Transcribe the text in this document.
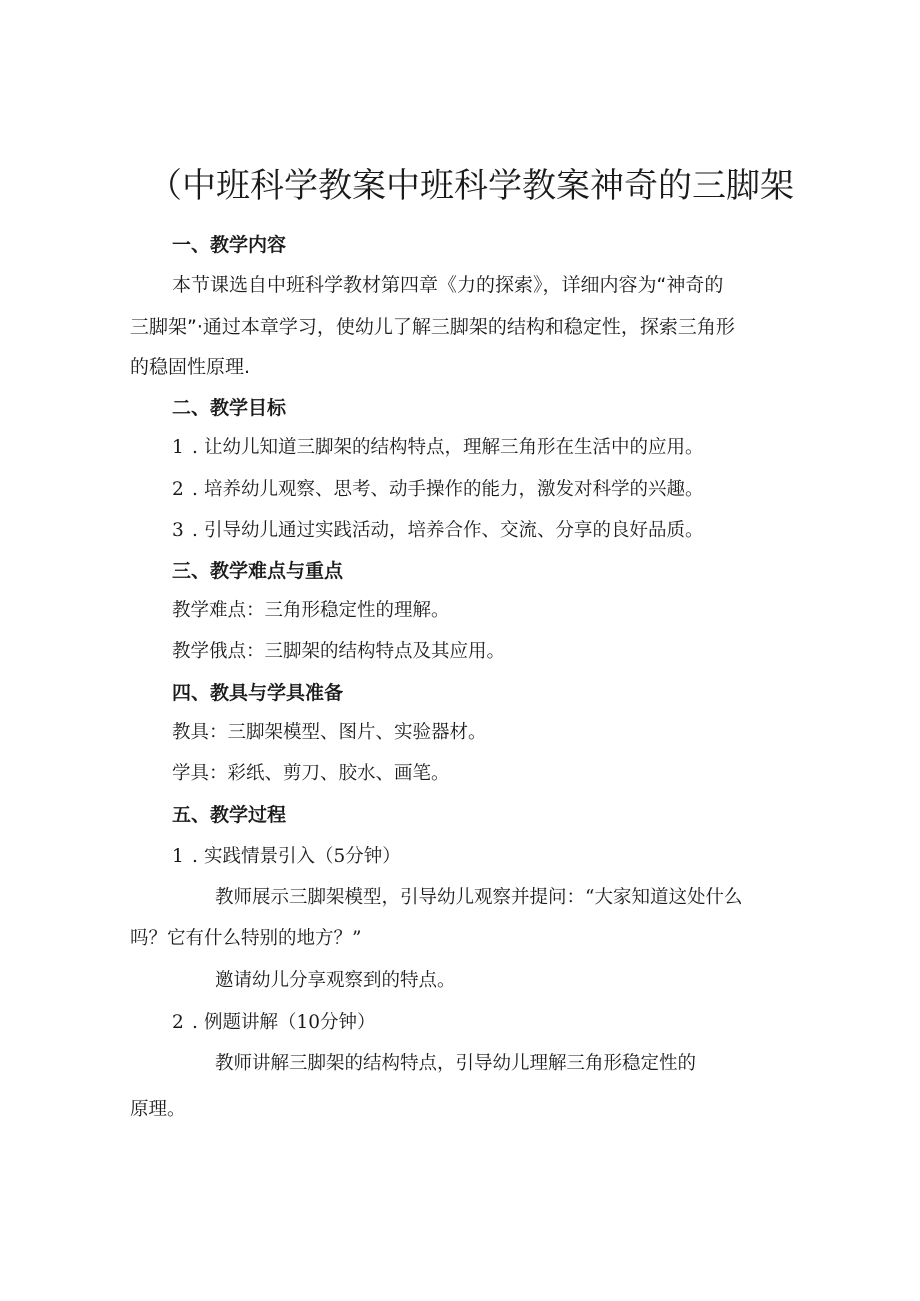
（中班科学教案中班科学教案神奇的三脚架
一、教学内容
本节课选自中班科学教材第四章《力的探索》，详细内容为“神奇的
三脚架”·通过本章学习，使幼儿了解三脚架的结构和稳定性，探索三角形
的稳固性原理.
二、教学目标
1 . 让幼儿知道三脚架的结构特点，理解三角形在生活中的应用。
2 . 培养幼儿观察、思考、动手操作的能力，激发对科学的兴趣。
3 . 引导幼儿通过实践活动，培养合作、交流、分享的良好品质。
三、教学难点与重点
教学难点：三角形稳定性的理解。
教学俄点：三脚架的结构特点及其应用。
四、教具与学具准备
教具：三脚架模型、图片、实验器材。
学具：彩纸、剪刀、胶水、画笔。
五、教学过程
1 . 实践情景引入（5分钟）
教师展示三脚架模型，引导幼儿观察并提问：“大家知道这处什么
吗？它有什么特别的地方？”
邀请幼儿分享观察到的特点。
2 . 例题讲解（10分钟）
教师讲解三脚架的结构特点，引导幼儿理解三角形稳定性的
原理。
